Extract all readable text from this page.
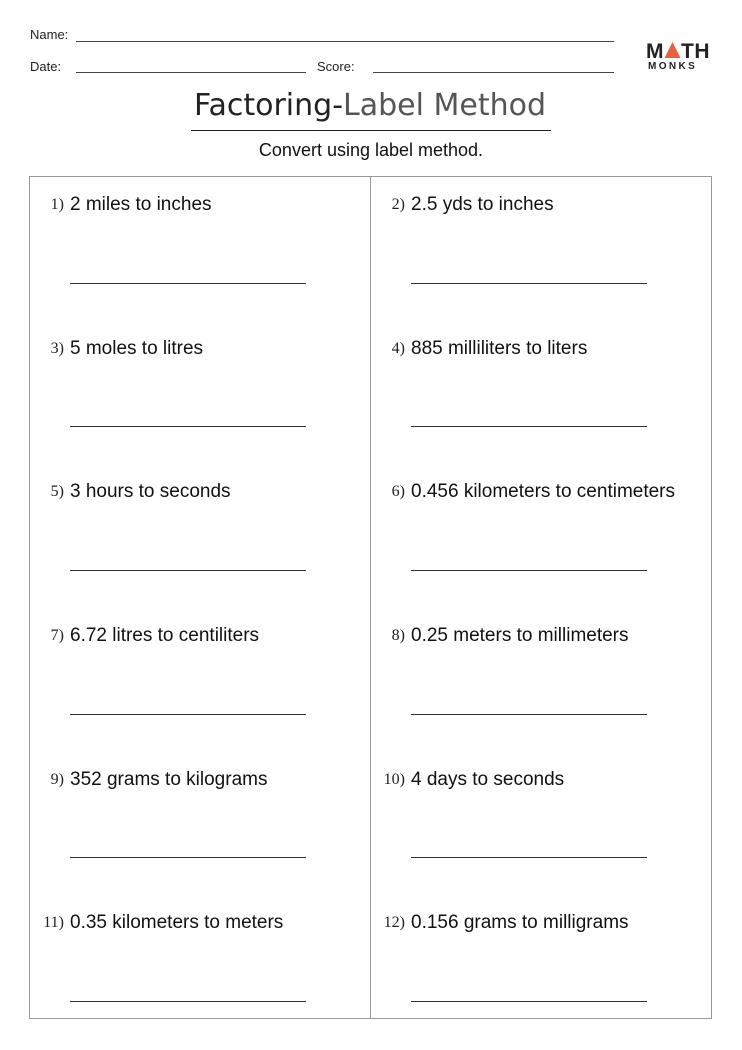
Name:
Date:	Score:
M TH
MONKS
Factoring-Label Method
Convert using label method.
1) 2 miles to inches	2) 2.5 yds to inches
3) 5 moles to litres	4) 885 milliliters to liters
5) 3 hours to seconds	6) 0.456 kilometers to centimeters
7) 6.72 litres to centiliters	8) 0.25 meters to millimeters
9) 352 grams to kilograms	10) 4 days to seconds
11) 0.35 kilometers to meters	12) 0.156 grams to milligrams
